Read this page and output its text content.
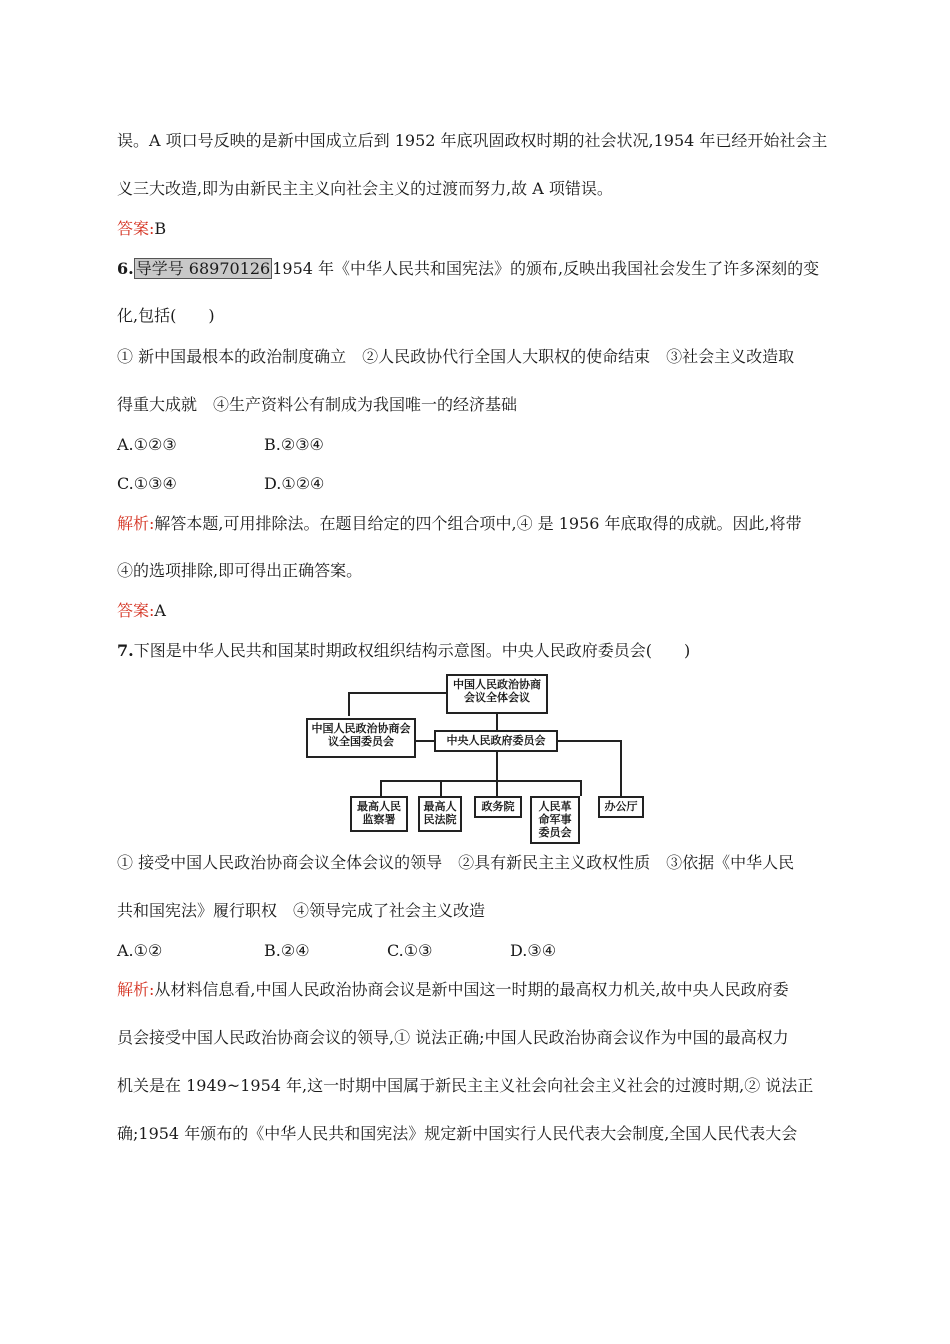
误。A 项口号反映的是新中国成立后到 1952 年底巩固政权时期的社会状况,1954 年已经开始社会主
义三大改造,即为由新民主主义向社会主义的过渡而努力,故 A 项错误。
答案:B
6. 导学号 68970126 1954 年《中华人民共和国宪法》的颁布,反映出我国社会发生了许多深刻的变
化,包括(　　)
① 新中国最根本的政治制度确立　②人民政协代行全国人大职权的使命结束　③社会主义改造取
得重大成就　④生产资料公有制成为我国唯一的经济基础
A.①②③	B.②③④
C.①③④	D.①②④
解析:解答本题,可用排除法。在题目给定的四个组合项中,④ 是 1956 年底取得的成就。因此,将带
④的选项排除,即可得出正确答案。
答案:A
7.下图是中华人民共和国某时期政权组织结构示意图。中央人民政府委员会(　　)
中国人民政治协商会议全体会议
中国人民政治协商会议全国委员会	中央人民政府委员会
最高人民监察署
最高人民法院
政务院	人民革命军事委员会
办公厅
① 接受中国人民政治协商会议全体会议的领导　②具有新民主主义政权性质　③依据《中华人民
共和国宪法》履行职权　④领导完成了社会主义改造
A.①②	B.②④	C.①③	D.③④
解析:从材料信息看,中国人民政治协商会议是新中国这一时期的最高权力机关,故中央人民政府委
员会接受中国人民政治协商会议的领导,① 说法正确;中国人民政治协商会议作为中国的最高权力
机关是在 1949~1954 年,这一时期中国属于新民主主义社会向社会主义社会的过渡时期,② 说法正
确;1954 年颁布的《中华人民共和国宪法》规定新中国实行人民代表大会制度,全国人民代表大会
